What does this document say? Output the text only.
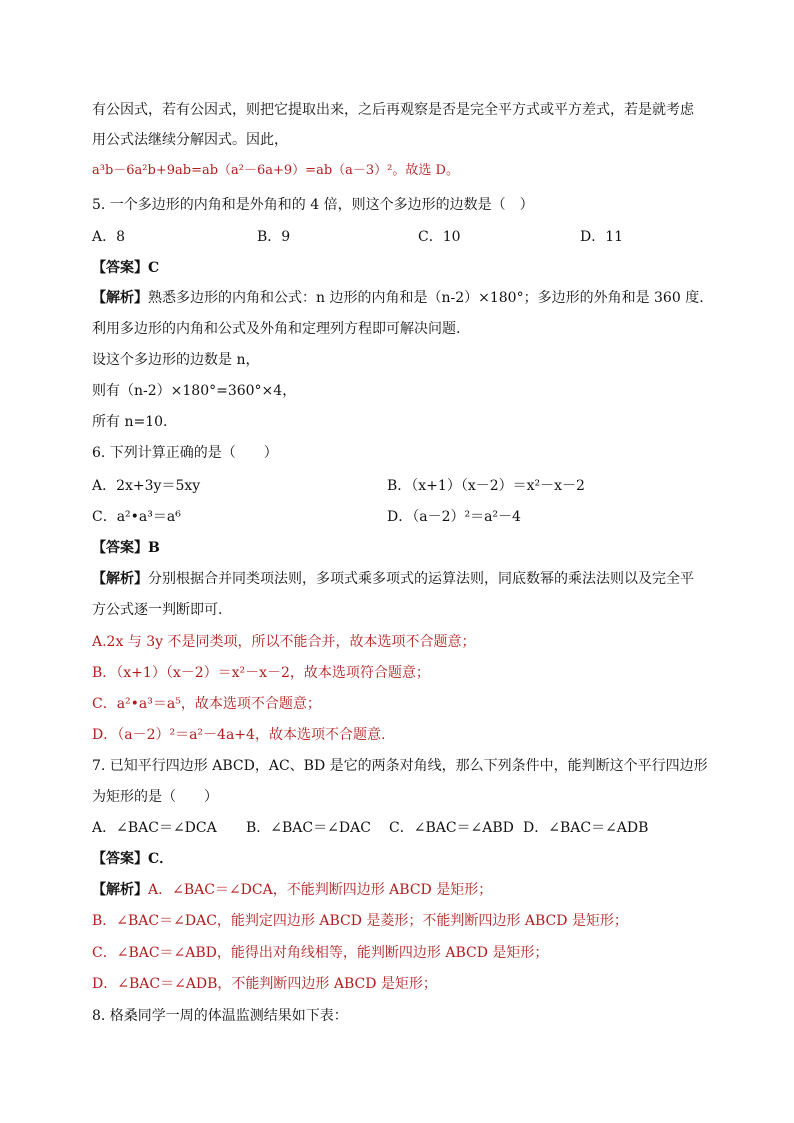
有公因式，若有公因式，则把它提取出来，之后再观察是否是完全平方式或平方差式，若是就考虑
用公式法继续分解因式。因此，
a³b－6a²b+9ab=ab（a²－6a+9）=ab（a－3）²。故选 D。
5. 一个多边形的内角和是外角和的 4 倍，则这个多边形的边数是（　）
A．8	B．9	C．10	D．11
【答案】C
【解析】熟悉多边形的内角和公式：n 边形的内角和是（n-2）×180°；多边形的外角和是 360 度.
利用多边形的内角和公式及外角和定理列方程即可解决问题.
设这个多边形的边数是 n，
则有（n-2）×180°=360°×4，
所有 n=10.
6. 下列计算正确的是（　　）
A．2x+3y＝5xy	B．（x+1）（x－2）＝x²－x－2
C．a²•a³＝a⁶	D．（a－2）²＝a²－4
【答案】B
【解析】分别根据合并同类项法则，多项式乘多项式的运算法则，同底数幂的乘法法则以及完全平
方公式逐一判断即可.
A.2x 与 3y 不是同类项，所以不能合并，故本选项不合题意；
B．（x+1）（x－2）＝x²－x－2，故本选项符合题意；
C．a²•a³＝a⁵，故本选项不合题意；
D．（a－2）²＝a²－4a+4，故本选项不合题意.
7. 已知平行四边形 ABCD，AC、BD 是它的两条对角线，那么下列条件中，能判断这个平行四边形
为矩形的是（　　）
A．∠BAC＝∠DCA B．∠BAC＝∠DAC C．∠BAC＝∠ABD D．∠BAC＝∠ADB
【答案】C．
【解析】A．∠BAC＝∠DCA，不能判断四边形 ABCD 是矩形；
B．∠BAC＝∠DAC，能判定四边形 ABCD 是菱形；不能判断四边形 ABCD 是矩形；
C．∠BAC＝∠ABD，能得出对角线相等，能判断四边形 ABCD 是矩形；
D．∠BAC＝∠ADB，不能判断四边形 ABCD 是矩形；
8. 格桑同学一周的体温监测结果如下表：
